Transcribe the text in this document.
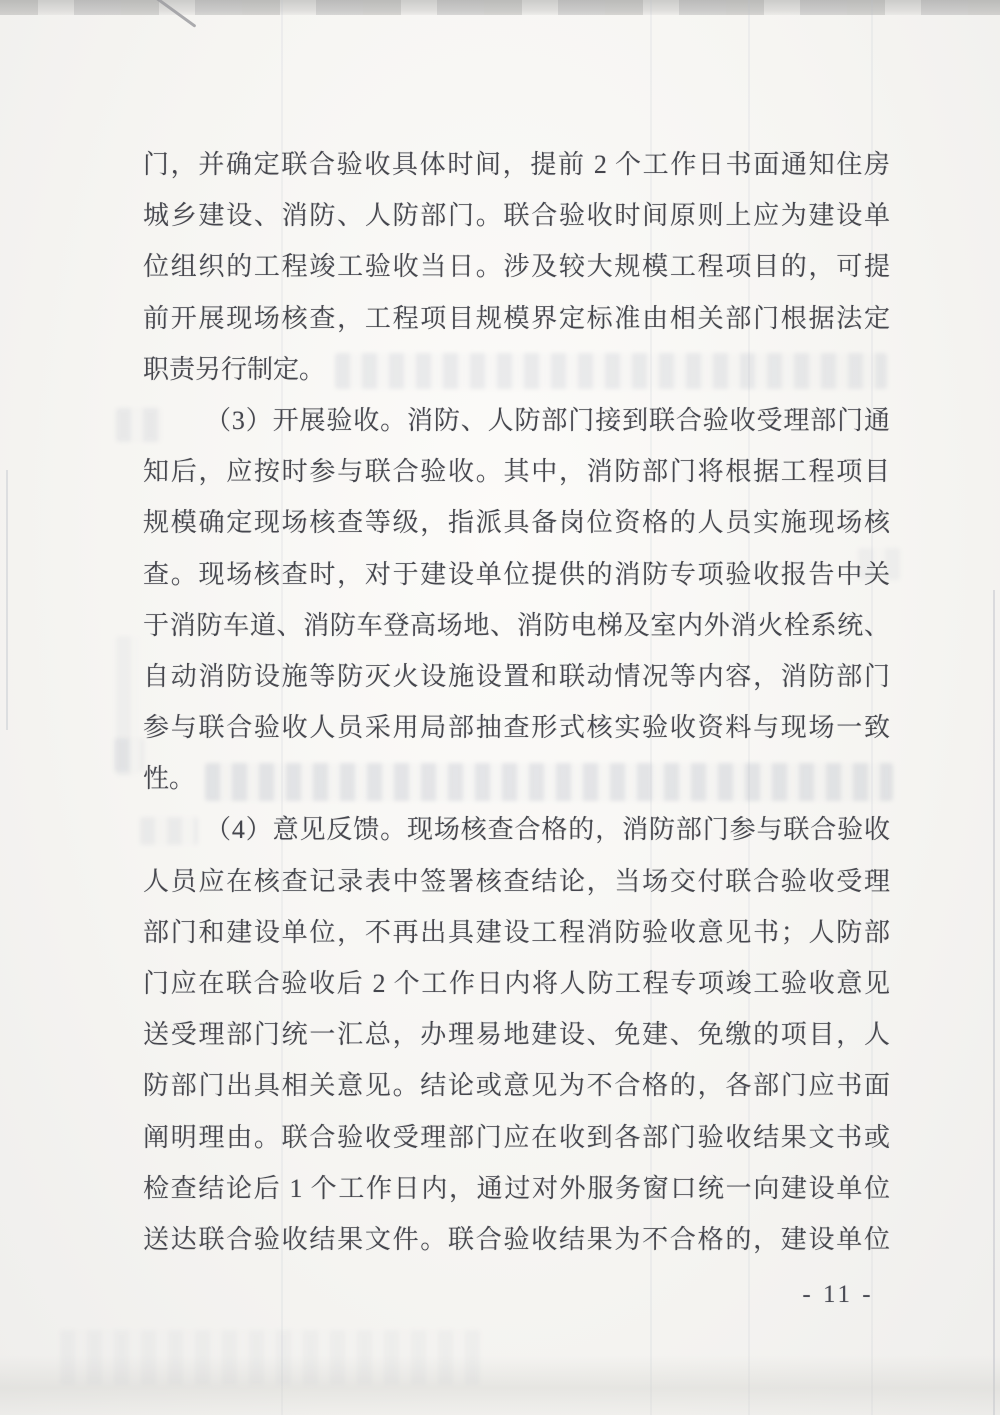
门，并确定联合验收具体时间，提前 2 个工作日书面通知住房
城乡建设、消防、人防部门。联合验收时间原则上应为建设单
位组织的工程竣工验收当日。涉及较大规模工程项目的，可提
前开展现场核查，工程项目规模界定标准由相关部门根据法定
职责另行制定。
（3）开展验收。消防、人防部门接到联合验收受理部门通
知后，应按时参与联合验收。其中，消防部门将根据工程项目
规模确定现场核查等级，指派具备岗位资格的人员实施现场核
查。现场核查时，对于建设单位提供的消防专项验收报告中关
于消防车道、消防车登高场地、消防电梯及室内外消火栓系统、
自动消防设施等防灭火设施设置和联动情况等内容，消防部门
参与联合验收人员采用局部抽查形式核实验收资料与现场一致
性。
（4）意见反馈。现场核查合格的，消防部门参与联合验收
人员应在核查记录表中签署核查结论，当场交付联合验收受理
部门和建设单位，不再出具建设工程消防验收意见书；人防部
门应在联合验收后 2 个工作日内将人防工程专项竣工验收意见
送受理部门统一汇总，办理易地建设、免建、免缴的项目，人
防部门出具相关意见。结论或意见为不合格的，各部门应书面
阐明理由。联合验收受理部门应在收到各部门验收结果文书或
检查结论后 1 个工作日内，通过对外服务窗口统一向建设单位
送达联合验收结果文件。联合验收结果为不合格的，建设单位
- 11 -
